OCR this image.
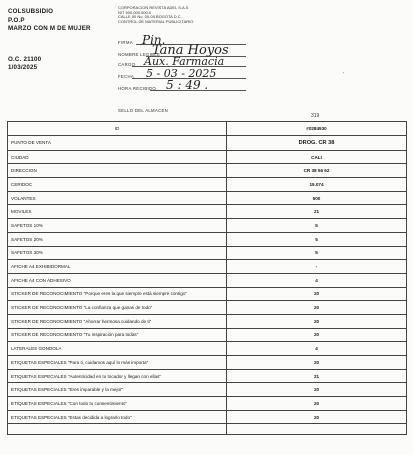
COLSUBSIDIO
P.O.P
MARZO CON M DE MUJER
O.C. 21100
1/03/2025
CORPORACION REVISTA ADEL S.A.S
NIT 900.000.000-0
CALLE 00 No. 00-00 BOGOTA D.C.
CONTROL DE MATERIAL PUBLICITARIO
FIRMA Pin.
NOMBRE LEGIBLE
Tana Hoyos
CARGO Aux. Farmacia
FECHA 5 - 03 - 2025
HORA RECIBIDO 5 : 49 .
SELLO DEL ALMACEN
319
'
ID	#0284530
PUNTO DE VENTA	DROG. CR 38
CIUDAD	CALI
DIRECCION	CR 38 56 62
CERIDOC	15.074
VOLANTES	500
MOVILES	21
SAFETOS 10%	5
SAFETOS 20%	5
SAFETOS 30%	5
AFICHE A4 EXHIBIDORMAL	-
AFICHE A4 CON ADHESIVO	4
STICKER DE RECONOCIMIENTO "Porque eres la que siempre está siempre contigo"	20
STICKER DE RECONOCIMIENTO "La confianza que ganas de todo"	20
STICKER DE RECONOCIMIENTO "Ahorrar hermosa cuidando de ti"	20
STICKER DE RECONOCIMIENTO "Tu inspiración para todas"	20
LATERALES GONDOLA	4
ETIQUETAS ESPECIALES "Para ti, cuidamos aquí lo más importa"	20
ETIQUETAS ESPECIALES "Autenticidad en tu tocador y llegan con ellas"	21
ETIQUETAS ESPECIALES "Eres imparable y la mejor"	20
ETIQUETAS ESPECIALES "Con todo tu consentimiento"	20
ETIQUETAS ESPECIALES "Estas decidida a lograrlo todo"	20
